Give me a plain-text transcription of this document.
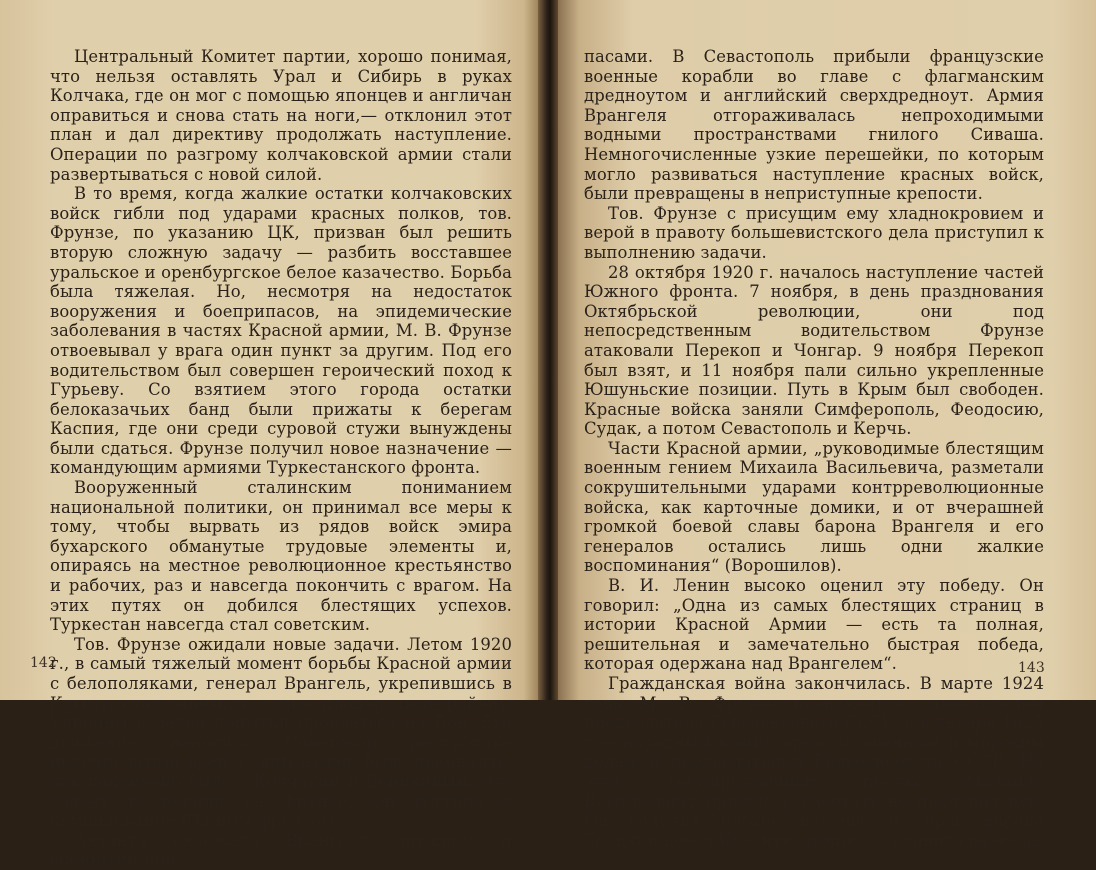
Центральный Комитет партии, хорошо понимая, что нельзя оставлять Урал и Сибирь в руках Колчака, где он мог с помощью японцев и англичан оправиться и снова стать на ноги,— отклонил этот план и дал директиву продолжать наступление. Операции по разгрому колчаковской армии стали развертываться с новой силой.

В то время, когда жалкие остатки колчаковских войск гибли под ударами красных полков, тов. Фрунзе, по указанию ЦК, призван был решить вторую сложную задачу — разбить восставшее уральское и оренбургское белое казачество. Борьба была тяжелая. Но, несмотря на недостаток вооружения и боеприпасов, на эпидемические заболевания в частях Красной армии, М. В. Фрунзе отвоевывал у врага один пункт за другим. Под его водительством был совершен героический поход к Гурьеву. Со взятием этого города остатки белоказачьих банд были прижаты к берегам Каспия, где они среди суровой стужи вынуждены были сдаться. Фрунзе получил новое назначение — командующим армиями Туркестанского фронта.

Вооруженный сталинским пониманием национальной политики, он принимал все меры к тому, чтобы вырвать из рядов войск эмира бухарского обманутые трудовые элементы и, опираясь на местное революционное крестьянство и рабочих, раз и навсегда покончить с врагом. На этих путях он добился блестящих успехов. Туркестан навсегда стал советским.

Тов. Фрунзе ожидали новые задачи. Летом 1920 г., в самый тяжелый момент борьбы Красной армии с белополяками, генерал Врангель, укрепившись в Крыму, стал занимать самые плодородные районы Украины и делал попытки прорваться на Дон. Его движение наносило Советской республике неисчислимый вред. С ним нужно было покончить, как покончено было с Колчаком и Деникиным. Эту задачу возложили на Фрунзе. Он вступил в командование Южным фронтом.

Антанта снабжала Врангеля оружием и военными при-

142

пасами. В Севастополь прибыли французские военные корабли во главе с флагманским дредноутом и английский сверхдредноут. Армия Врангеля отгораживалась непроходимыми водными пространствами гнилого Сиваша. Немногочисленные узкие перешейки, по которым могло развиваться наступление красных войск, были превращены в неприступные крепости.

Тов. Фрунзе с присущим ему хладнокровием и верой в правоту большевистского дела приступил к выполнению задачи.

28 октября 1920 г. началось наступление частей Южного фронта. 7 ноября, в день празднования Октябрьской революции, они под непосредственным водительством Фрунзе атаковали Перекоп и Чонгар. 9 ноября Перекоп был взят, и 11 ноября пали сильно укрепленные Юшуньские позиции. Путь в Крым был свободен. Красные войска заняли Симферополь, Феодосию, Судак, а потом Севастополь и Керчь.

Части Красной армии, „руководимые блестящим военным гением Михаила Васильевича, разметали сокрушительными ударами контрреволюционные войска, как карточные домики, и от вчерашней громкой боевой славы барона Врангеля и его генералов остались лишь одни жалкие воспоминания“ (Ворошилов).

В. И. Ленин высоко оценил эту победу. Он говорил: „Одна из самых блестящих страниц в истории Красной Армии — есть та полная, решительная и замечательно быстрая победа, которая одержана над Врангелем“.

Гражданская война закончилась. В марте 1924 года М. В. Фрунзе назначается заместителем председателя Реввоенсовета СССР, а в январе 1925 г.— народным комиссаром по военным и морским делам и председателем Реввоенсовета СССР. На этих государственных постах Михаилу Васильевичу пришлось работать не покладая рук. Он получил плохое наследство. Враг народа Троцкий довел Красную армию до полного развала.

143
